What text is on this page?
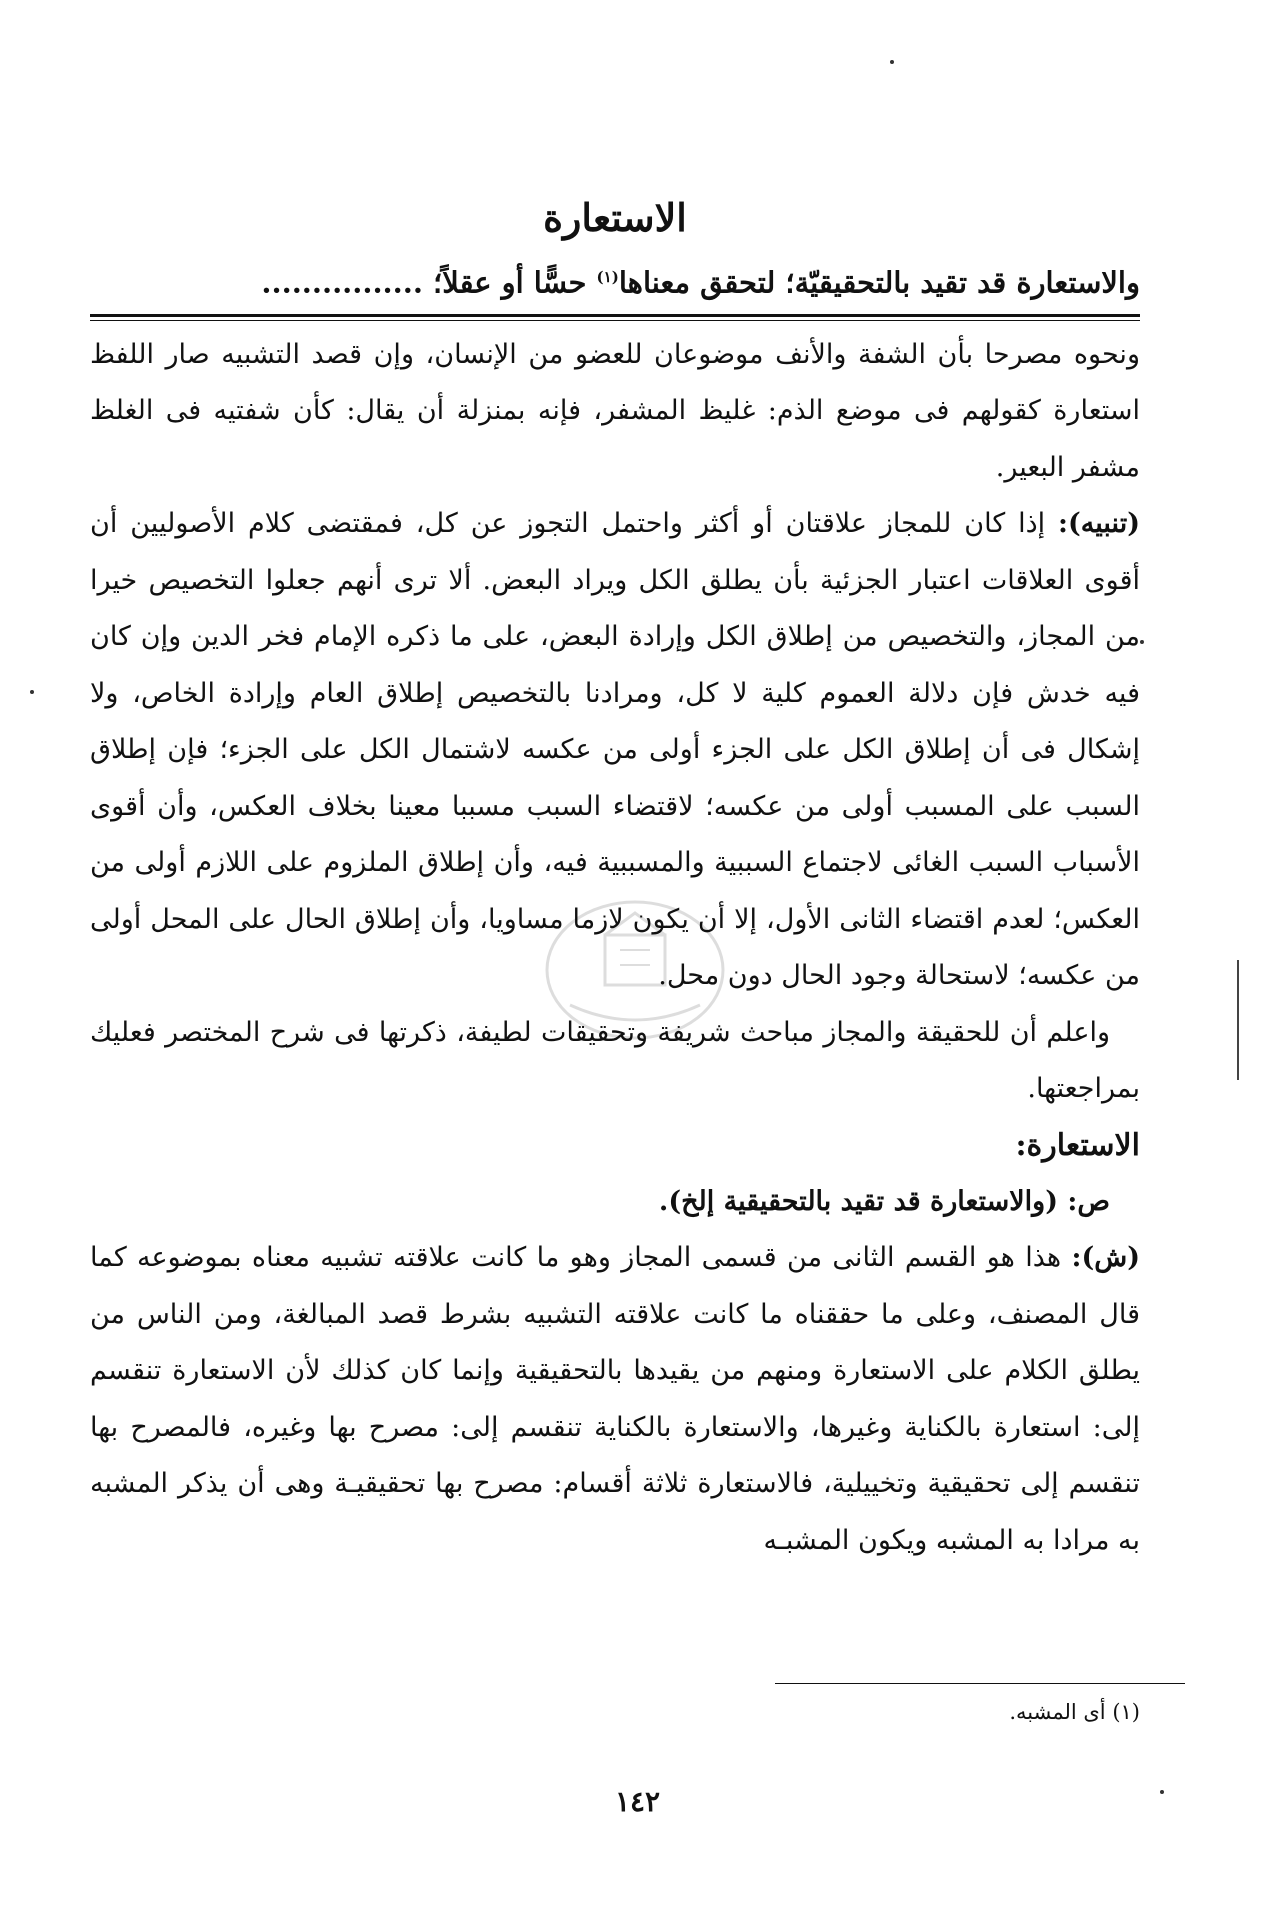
الاستعارة
والاستعارة قد تقيد بالتحقيقيّة؛ لتحقق معناها$^{(١)}$ حسًّا أو عقلاً؛ ................

ونحوه مصرحا بأن الشفة والأنف موضوعان للعضو من الإنسان، وإن قصد التشبيه صار اللفظ استعارة كقولهم فى موضع الذم: غليظ المشفر، فإنه بمنزلة أن يقال: كأن شفتيه فى الغلظ مشفر البعير.

(تنبيه): إذا كان للمجاز علاقتان أو أكثر واحتمل التجوز عن كل، فمقتضى كلام الأصوليين أن أقوى العلاقات اعتبار الجزئية بأن يطلق الكل ويراد البعض. ألا ترى أنهم جعلوا التخصيص خيرا من المجاز، والتخصيص من إطلاق الكل وإرادة البعض، على ما ذكره الإمام فخر الدين وإن كان فيه خدش فإن دلالة العموم كلية لا كل، ومرادنا بالتخصيص إطلاق العام وإرادة الخاص، ولا إشكال فى أن إطلاق الكل على الجزء أولى من عكسه لاشتمال الكل على الجزء؛ فإن إطلاق السبب على المسبب أولى من عكسه؛ لاقتضاء السبب مسببا معينا بخلاف العكس، وأن أقوى الأسباب السبب الغائى لاجتماع السببية والمسببية فيه، وأن إطلاق الملزوم على اللازم أولى من العكس؛ لعدم اقتضاء الثانى الأول، إلا أن يكون لازما مساويا، وأن إطلاق الحال على المحل أولى من عكسه؛ لاستحالة وجود الحال دون محل.

واعلم أن للحقيقة والمجاز مباحث شريفة وتحقيقات لطيفة، ذكرتها فى شرح المختصر فعليك بمراجعتها.

الاستعارة:

ص: (والاستعارة قد تقيد بالتحقيقية إلخ).

(ش): هذا هو القسم الثانى من قسمى المجاز وهو ما كانت علاقته تشبيه معناه بموضوعه كما قال المصنف، وعلى ما حققناه ما كانت علاقته التشبيه بشرط قصد المبالغة، ومن الناس من يطلق الكلام على الاستعارة ومنهم من يقيدها بالتحقيقية وإنما كان كذلك لأن الاستعارة تنقسم إلى: استعارة بالكناية وغيرها، والاستعارة بالكناية تنقسم إلى: مصرح بها وغيره، فالمصرح بها تنقسم إلى تحقيقية وتخييلية، فالاستعارة ثلاثة أقسام: مصرح بها تحقيقيـة وهى أن يذكر المشبه به مرادا به المشبه ويكون المشبـه

(١) أى المشبه.
١٤٢
